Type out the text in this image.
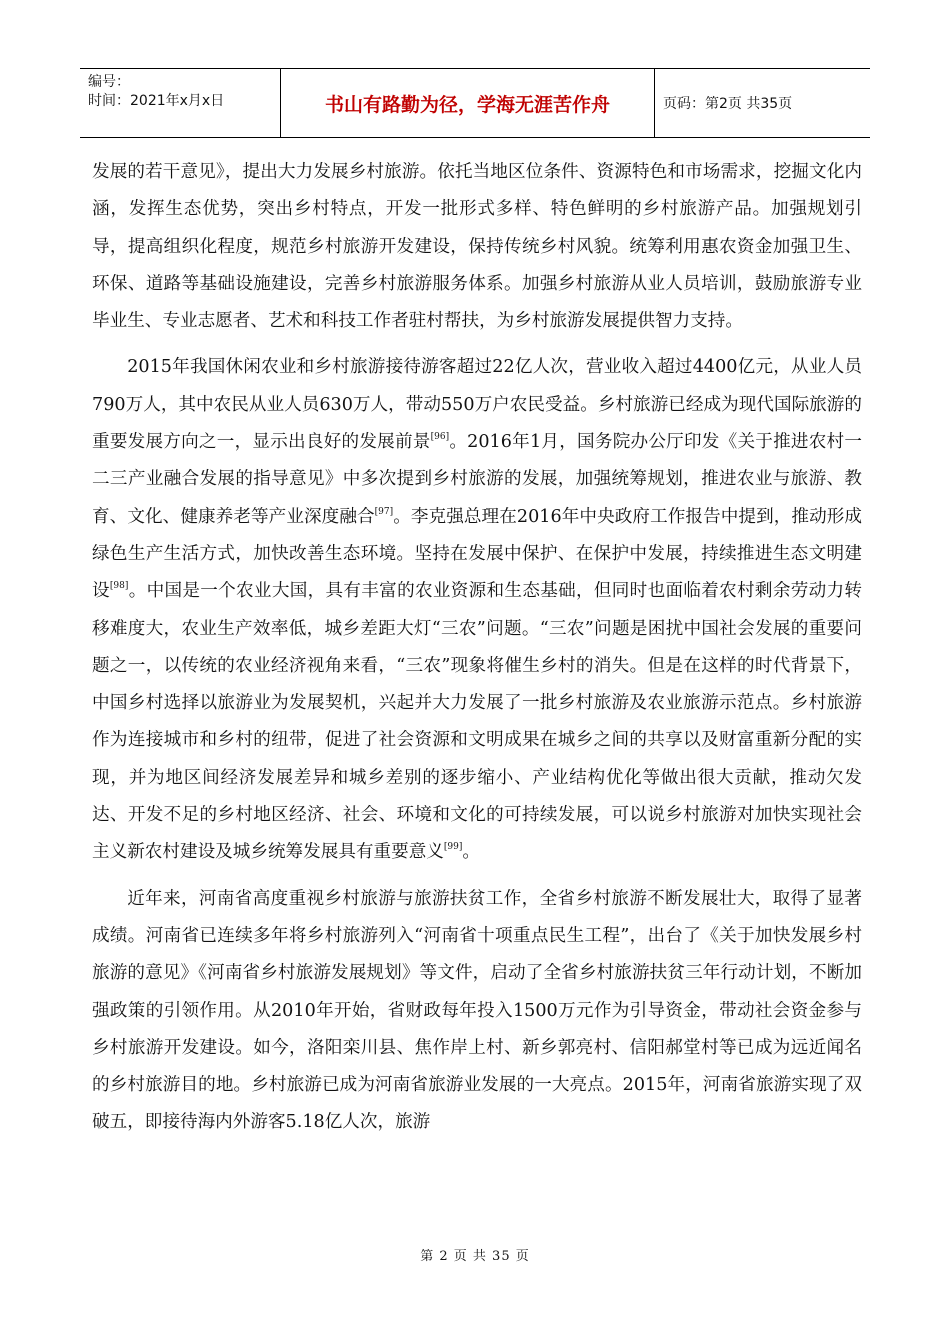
编号：
时间：2021年x月x日	书山有路勤为径，学海无涯苦作舟	页码：第2页 共35页

发展的若干意见》，提出大力发展乡村旅游。依托当地区位条件、资源特色和市场需求，挖掘文化内涵，发挥生态优势，突出乡村特点，开发一批形式多样、特色鲜明的乡村旅游产品。加强规划引导，提高组织化程度，规范乡村旅游开发建设，保持传统乡村风貌。统筹利用惠农资金加强卫生、环保、道路等基础设施建设，完善乡村旅游服务体系。加强乡村旅游从业人员培训，鼓励旅游专业毕业生、专业志愿者、艺术和科技工作者驻村帮扶，为乡村旅游发展提供智力支持。

2015年我国休闲农业和乡村旅游接待游客超过22亿人次，营业收入超过4400亿元，从业人员790万人，其中农民从业人员630万人，带动550万户农民受益。乡村旅游已经成为现代国际旅游的重要发展方向之一，显示出良好的发展前景[96]。2016年1月，国务院办公厅印发《关于推进农村一二三产业融合发展的指导意见》中多次提到乡村旅游的发展，加强统筹规划，推进农业与旅游、教育、文化、健康养老等产业深度融合[97]。李克强总理在2016年中央政府工作报告中提到，推动形成绿色生产生活方式，加快改善生态环境。坚持在发展中保护、在保护中发展，持续推进生态文明建设[98]。中国是一个农业大国，具有丰富的农业资源和生态基础，但同时也面临着农村剩余劳动力转移难度大，农业生产效率低，城乡差距大灯“三农”问题。“三农”问题是困扰中国社会发展的重要问题之一，以传统的农业经济视角来看，“三农”现象将催生乡村的消失。但是在这样的时代背景下，中国乡村选择以旅游业为发展契机，兴起并大力发展了一批乡村旅游及农业旅游示范点。乡村旅游作为连接城市和乡村的纽带，促进了社会资源和文明成果在城乡之间的共享以及财富重新分配的实现，并为地区间经济发展差异和城乡差别的逐步缩小、产业结构优化等做出很大贡献，推动欠发达、开发不足的乡村地区经济、社会、环境和文化的可持续发展，可以说乡村旅游对加快实现社会主义新农村建设及城乡统筹发展具有重要意义[99]。

近年来，河南省高度重视乡村旅游与旅游扶贫工作，全省乡村旅游不断发展壮大，取得了显著成绩。河南省已连续多年将乡村旅游列入“河南省十项重点民生工程”，出台了《关于加快发展乡村旅游的意见》《河南省乡村旅游发展规划》等文件，启动了全省乡村旅游扶贫三年行动计划，不断加强政策的引领作用。从2010年开始，省财政每年投入1500万元作为引导资金，带动社会资金参与乡村旅游开发建设。如今，洛阳栾川县、焦作岸上村、新乡郭亮村、信阳郝堂村等已成为远近闻名的乡村旅游目的地。乡村旅游已成为河南省旅游业发展的一大亮点。2015年，河南省旅游实现了双破五，即接待海内外游客5.18亿人次，旅游

第 2 页 共 35 页
